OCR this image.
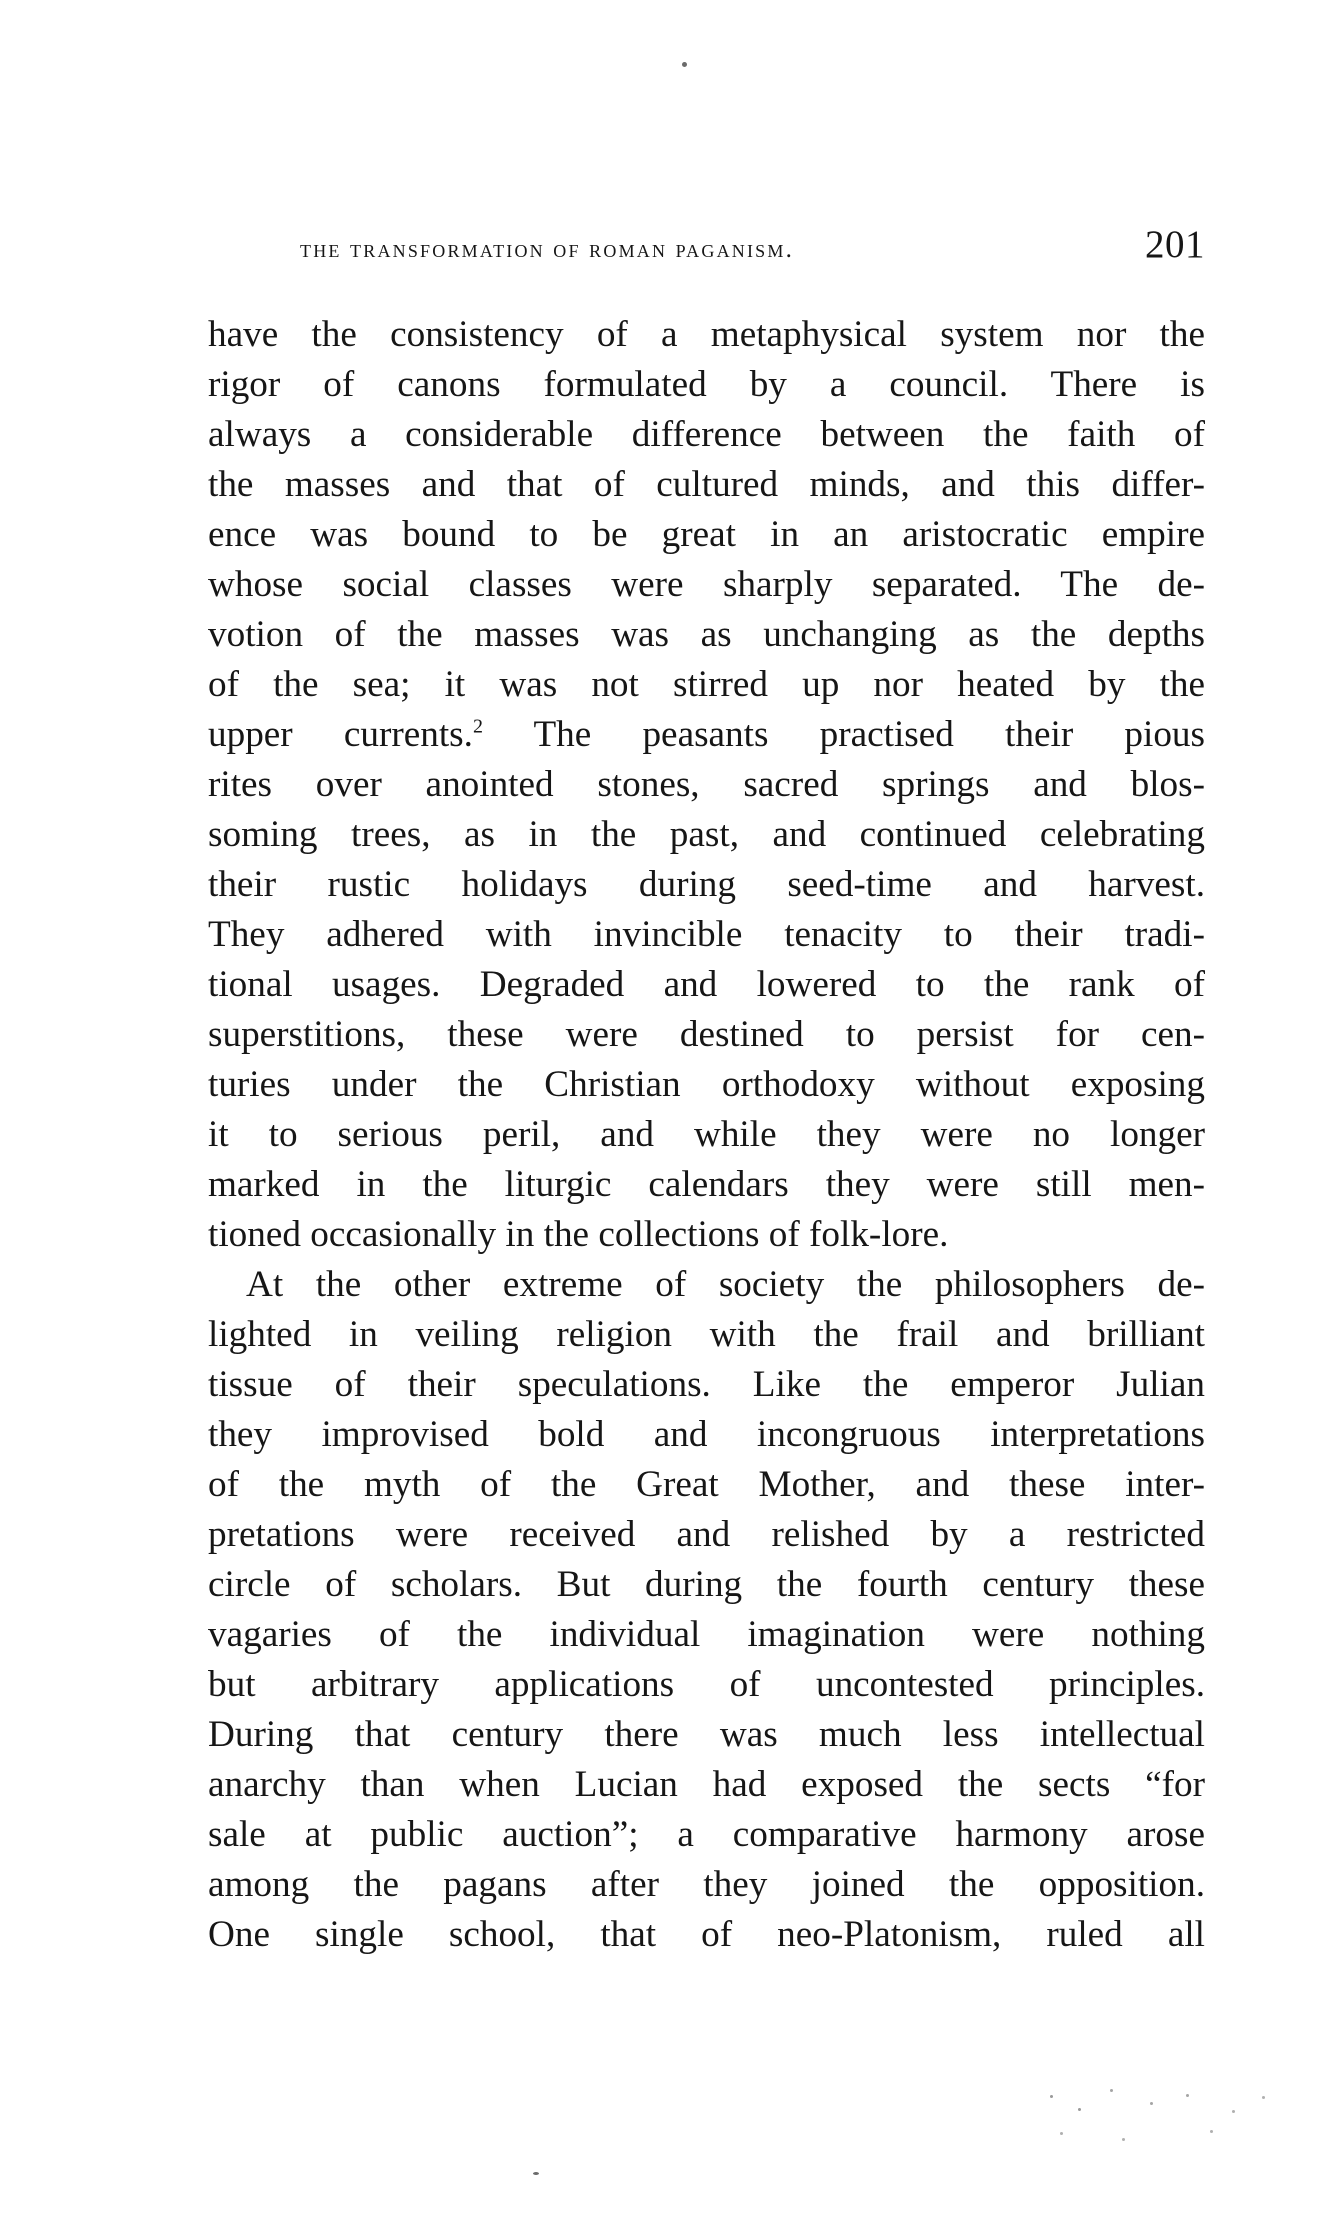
the transformation of roman paganism.	201
have the consistency of a metaphysical system nor the
rigor of canons formulated by a council. There is
always a considerable difference between the faith of
the masses and that of cultured minds, and this differ-
ence was bound to be great in an aristocratic empire
whose social classes were sharply separated. The de-
votion of the masses was as unchanging as the depths
of the sea; it was not stirred up nor heated by the
upper currents.$^2$ The peasants practised their pious
rites over anointed stones, sacred springs and blos-
soming trees, as in the past, and continued celebrating
their rustic holidays during seed-time and harvest.
They adhered with invincible tenacity to their tradi-
tional usages. Degraded and lowered to the rank of
superstitions, these were destined to persist for cen-
turies under the Christian orthodoxy without exposing
it to serious peril, and while they were no longer
marked in the liturgic calendars they were still men-
tioned occasionally in the collections of folk-lore.
At the other extreme of society the philosophers de-
lighted in veiling religion with the frail and brilliant
tissue of their speculations. Like the emperor Julian
they improvised bold and incongruous interpretations
of the myth of the Great Mother, and these inter-
pretations were received and relished by a restricted
circle of scholars. But during the fourth century these
vagaries of the individual imagination were nothing
but arbitrary applications of uncontested principles.
During that century there was much less intellectual
anarchy than when Lucian had exposed the sects “for
sale at public auction”; a comparative harmony arose
among the pagans after they joined the opposition.
One single school, that of neo-Platonism, ruled all
